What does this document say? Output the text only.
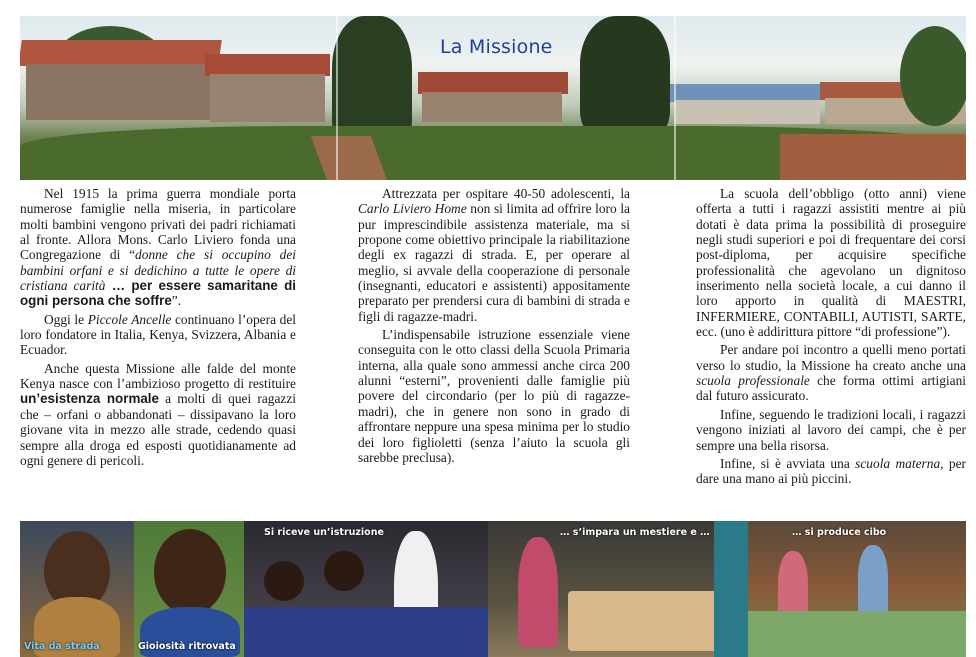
La Missione

Nel 1915 la prima guerra mondiale porta numerose famiglie nella miseria, in particolare molti bambini vengono privati dei padri richiamati al fronte. Allora Mons. Carlo Liviero fonda una Congregazione di “donne che si occupino dei bambini orfani e si dedichino a tutte le opere di cristiana carità … per essere samaritane di ogni persona che soffre”.

Oggi le Piccole Ancelle continuano l’opera del loro fondatore in Italia, Kenya, Svizzera, Albania e Ecuador.

Anche questa Missione alle falde del monte Kenya nasce con l’ambizioso progetto di restituire un’esistenza normale a molti di quei ragazzi che – orfani o abbandonati – dissipavano la loro giovane vita in mezzo alle strade, cedendo quasi sempre alla droga ed esposti quotidianamente ad ogni genere di pericoli.

Attrezzata per ospitare 40-50 adolescenti, la Carlo Liviero Home non si limita ad offrire loro la pur imprescindibile assistenza materiale, ma si propone come obiettivo principale la riabilitazione degli ex ragazzi di strada. E, per operare al meglio, si avvale della cooperazione di personale (insegnanti, educatori e assistenti) appositamente preparato per prendersi cura di bambini di strada e figli di ragazze-madri.

L’indispensabile istruzione essenziale viene conseguita con le otto classi della Scuola Primaria interna, alla quale sono ammessi anche circa 200 alunni “esterni”, provenienti dalle famiglie più povere del circondario (per lo più di ragazze-madri), che in genere non sono in grado di affrontare neppure una spesa minima per lo studio dei loro figlioletti (senza l’aiuto la scuola gli sarebbe preclusa).

La scuola dell’obbligo (otto anni) viene offerta a tutti i ragazzi assistiti mentre ai più dotati è data prima la possibilità di proseguire negli studi superiori e poi di frequentare dei corsi post-diploma, per acquisire specifiche professionalità che agevolano un dignitoso inserimento nella società locale, a cui danno il loro apporto in qualità di MAESTRI, INFERMIERE, CONTABILI, AUTISTI, SARTE, ecc. (uno è addirittura pittore “di professione”).

Per andare poi incontro a quelli meno portati verso lo studio, la Missione ha creato anche una scuola professionale che forma ottimi artigiani dal futuro assicurato.

Infine, seguendo le tradizioni locali, i ragazzi vengono iniziati al lavoro dei campi, che è per sempre una bella risorsa.

Infine, si è avviata una scuola materna, per dare una mano ai più piccini.

Vita da strada	Gioiosità ritrovata
Si riceve un’istruzione	… s’impara un mestiere e …	… si produce cibo
